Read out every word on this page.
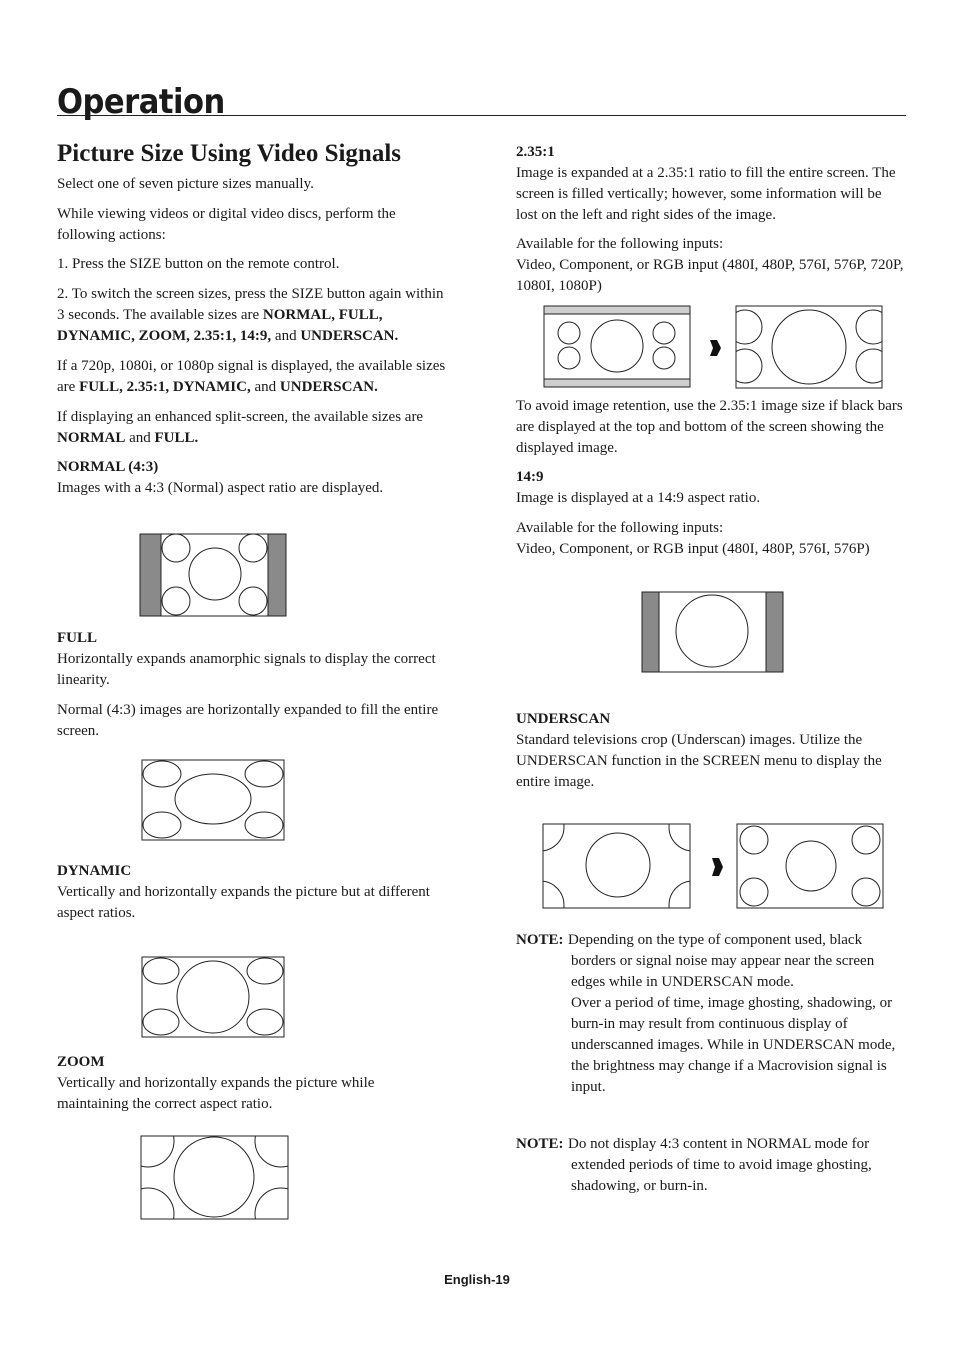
Operation
Picture Size Using Video Signals

Select one of seven picture sizes manually.

While viewing videos or digital video discs, perform the following actions:

1. Press the SIZE button on the remote control.

2. To switch the screen sizes, press the SIZE button again within 3 seconds. The available sizes are NORMAL, FULL, DYNAMIC, ZOOM, 2.35:1, 14:9, and UNDERSCAN.

If a 720p, 1080i, or 1080p signal is displayed, the available sizes are FULL, 2.35:1, DYNAMIC, and UNDERSCAN.

If displaying an enhanced split-screen, the available sizes are NORMAL and FULL.

NORMAL (4:3)

Images with a 4:3 (Normal) aspect ratio are displayed.

FULL

Horizontally expands anamorphic signals to display the correct linearity.

Normal (4:3) images are horizontally expanded to fill the entire screen.

DYNAMIC

Vertically and horizontally expands the picture but at different aspect ratios.

ZOOM

Vertically and horizontally expands the picture while maintaining the correct aspect ratio.

2.35:1

Image is expanded at a 2.35:1 ratio to fill the entire screen. The screen is filled vertically; however, some information will be lost on the left and right sides of the image.

Available for the following inputs:

Video, Component, or RGB input (480I, 480P, 576I, 576P, 720P, 1080I, 1080P)

To avoid image retention, use the 2.35:1 image size if black bars are displayed at the top and bottom of the screen showing the displayed image.

14:9

Image is displayed at a 14:9 aspect ratio.

Available for the following inputs:

Video, Component, or RGB input (480I, 480P, 576I, 576P)

UNDERSCAN

Standard televisions crop (Underscan) images. Utilize the UNDERSCAN function in the SCREEN menu to display the entire image.

NOTE: Depending on the type of component used, black borders or signal noise may appear near the screen edges while in UNDERSCAN mode.

Over a period of time, image ghosting, shadowing, or burn-in may result from continuous display of underscanned images. While in UNDERSCAN mode, the brightness may change if a Macrovision signal is input.

NOTE: Do not display 4:3 content in NORMAL mode for extended periods of time to avoid image ghosting, shadowing, or burn-in.

English-19
